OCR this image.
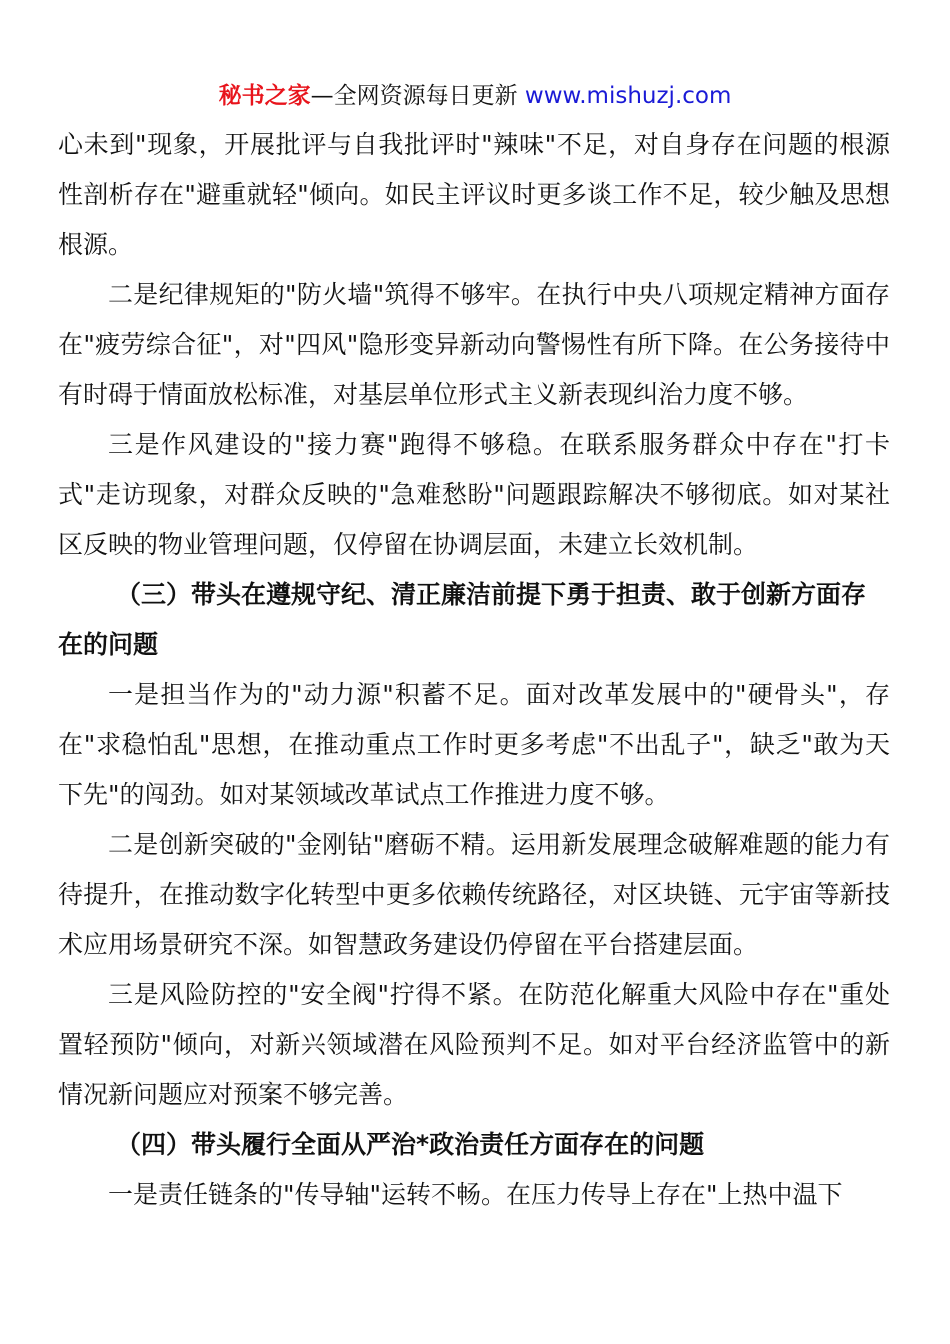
秘书之家—全网资源每日更新 www.mishuzj.com

心未到"现象，开展批评与自我批评时"辣味"不足，对自身存在问题的根源性剖析存在"避重就轻"倾向。如民主评议时更多谈工作不足，较少触及思想根源。

二是纪律规矩的"防火墙"筑得不够牢。在执行中央八项规定精神方面存在"疲劳综合征"，对"四风"隐形变异新动向警惕性有所下降。在公务接待中有时碍于情面放松标准，对基层单位形式主义新表现纠治力度不够。

三是作风建设的"接力赛"跑得不够稳。在联系服务群众中存在"打卡式"走访现象，对群众反映的"急难愁盼"问题跟踪解决不够彻底。如对某社区反映的物业管理问题，仅停留在协调层面，未建立长效机制。

（三）带头在遵规守纪、清正廉洁前提下勇于担责、敢于创新方面存在的问题

一是担当作为的"动力源"积蓄不足。面对改革发展中的"硬骨头"，存在"求稳怕乱"思想，在推动重点工作时更多考虑"不出乱子"，缺乏"敢为天下先"的闯劲。如对某领域改革试点工作推进力度不够。

二是创新突破的"金刚钻"磨砺不精。运用新发展理念破解难题的能力有待提升，在推动数字化转型中更多依赖传统路径，对区块链、元宇宙等新技术应用场景研究不深。如智慧政务建设仍停留在平台搭建层面。

三是风险防控的"安全阀"拧得不紧。在防范化解重大风险中存在"重处置轻预防"倾向，对新兴领域潜在风险预判不足。如对平台经济监管中的新情况新问题应对预案不够完善。

（四）带头履行全面从严治*政治责任方面存在的问题

一是责任链条的"传导轴"运转不畅。在压力传导上存在"上热中温下
